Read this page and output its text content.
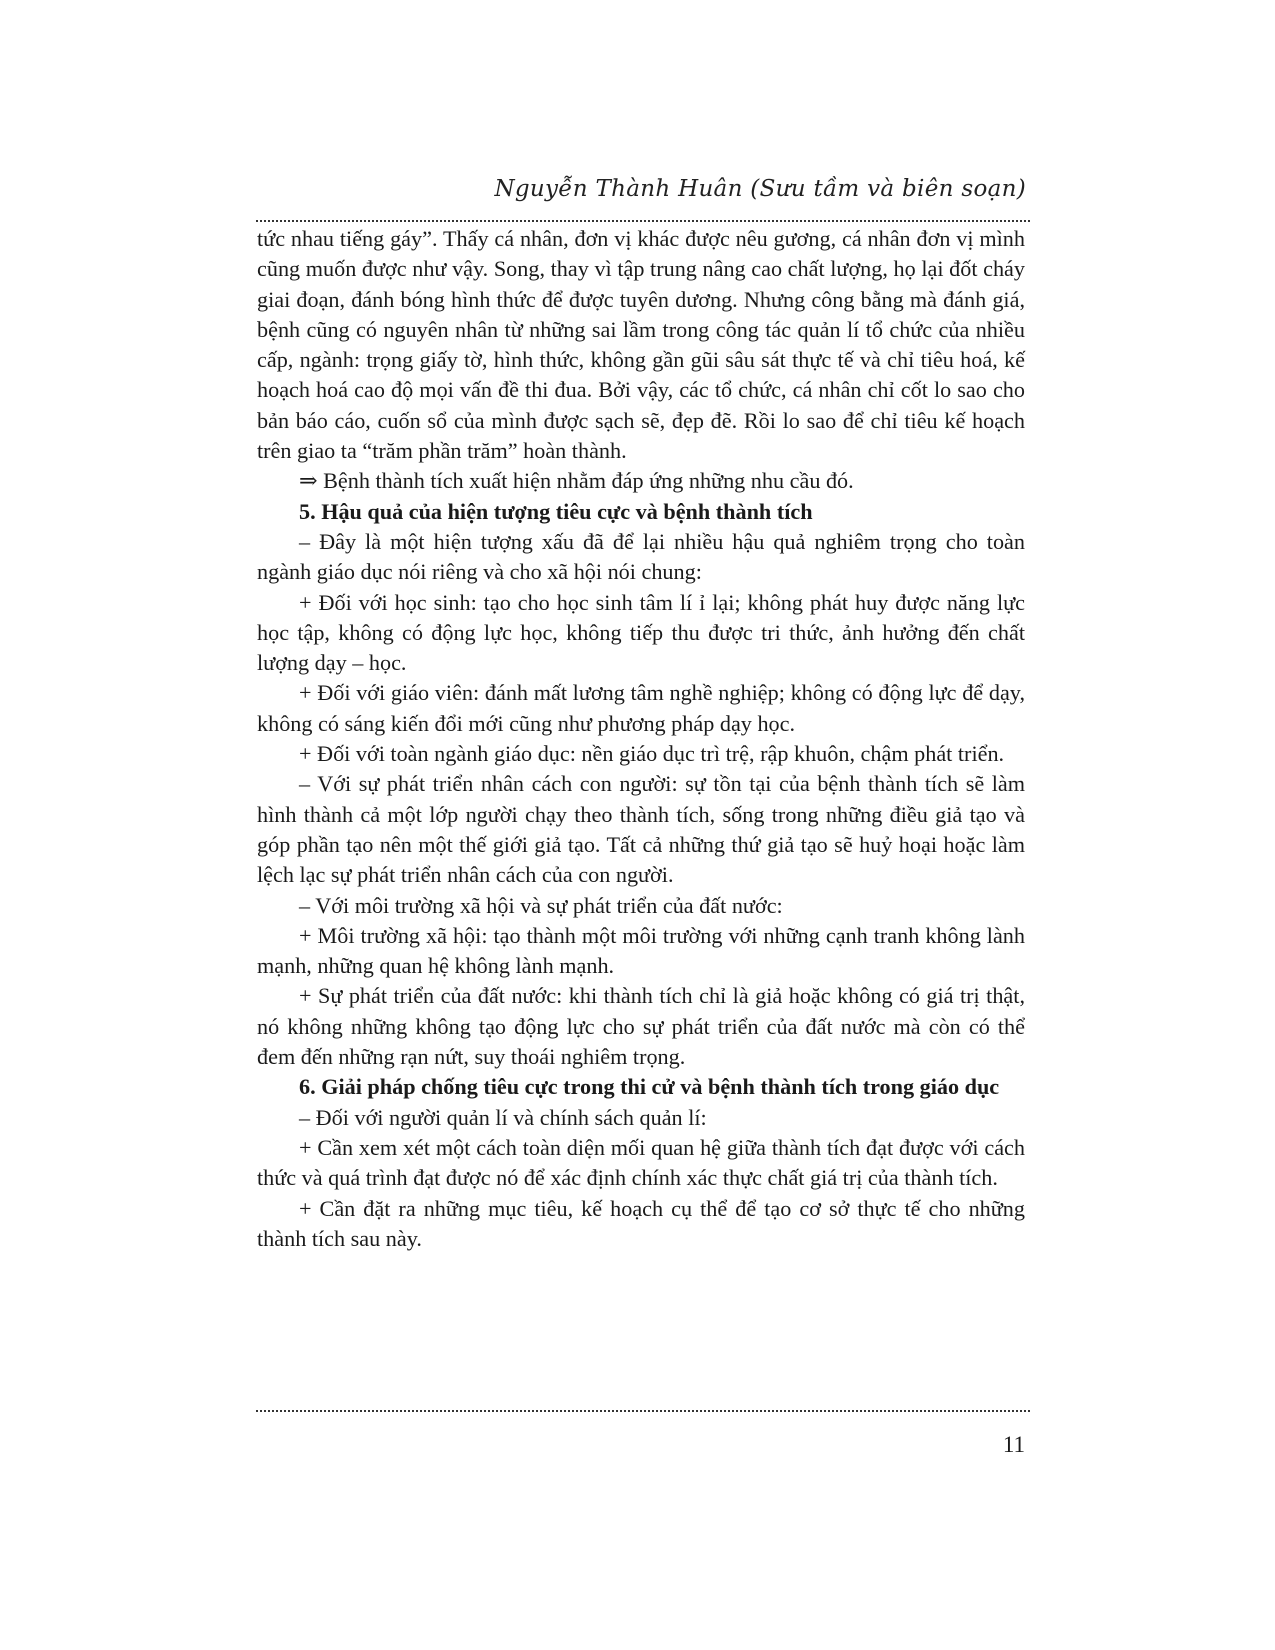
Nguyễn Thành Huân (Sưu tầm và biên soạn)

tức nhau tiếng gáy”. Thấy cá nhân, đơn vị khác được nêu gương, cá nhân đơn vị mình cũng muốn được như vậy. Song, thay vì tập trung nâng cao chất lượng, họ lại đốt cháy giai đoạn, đánh bóng hình thức để được tuyên dương. Nhưng công bằng mà đánh giá, bệnh cũng có nguyên nhân từ những sai lầm trong công tác quản lí tổ chức của nhiều cấp, ngành: trọng giấy tờ, hình thức, không gần gũi sâu sát thực tế và chỉ tiêu hoá, kế hoạch hoá cao độ mọi vấn đề thi đua. Bởi vậy, các tổ chức, cá nhân chỉ cốt lo sao cho bản báo cáo, cuốn sổ của mình được sạch sẽ, đẹp đẽ. Rồi lo sao để chỉ tiêu kế hoạch trên giao ta “trăm phần trăm” hoàn thành.

⇒ Bệnh thành tích xuất hiện nhằm đáp ứng những nhu cầu đó.

5. Hậu quả của hiện tượng tiêu cực và bệnh thành tích

– Đây là một hiện tượng xấu đã để lại nhiều hậu quả nghiêm trọng cho toàn ngành giáo dục nói riêng và cho xã hội nói chung:

+ Đối với học sinh: tạo cho học sinh tâm lí ỉ lại; không phát huy được năng lực học tập, không có động lực học, không tiếp thu được tri thức, ảnh hưởng đến chất lượng dạy – học.

+ Đối với giáo viên: đánh mất lương tâm nghề nghiệp; không có động lực để dạy, không có sáng kiến đổi mới cũng như phương pháp dạy học.

+ Đối với toàn ngành giáo dục: nền giáo dục trì trệ, rập khuôn, chậm phát triển.

– Với sự phát triển nhân cách con người: sự tồn tại của bệnh thành tích sẽ làm hình thành cả một lớp người chạy theo thành tích, sống trong những điều giả tạo và góp phần tạo nên một thế giới giả tạo. Tất cả những thứ giả tạo sẽ huỷ hoại hoặc làm lệch lạc sự phát triển nhân cách của con người.

– Với môi trường xã hội và sự phát triển của đất nước:

+ Môi trường xã hội: tạo thành một môi trường với những cạnh tranh không lành mạnh, những quan hệ không lành mạnh.

+ Sự phát triển của đất nước: khi thành tích chỉ là giả hoặc không có giá trị thật, nó không những không tạo động lực cho sự phát triển của đất nước mà còn có thể đem đến những rạn nứt, suy thoái nghiêm trọng.

6. Giải pháp chống tiêu cực trong thi cử và bệnh thành tích trong giáo dục

– Đối với người quản lí và chính sách quản lí:

+ Cần xem xét một cách toàn diện mối quan hệ giữa thành tích đạt được với cách thức và quá trình đạt được nó để xác định chính xác thực chất giá trị của thành tích.

+ Cần đặt ra những mục tiêu, kế hoạch cụ thể để tạo cơ sở thực tế cho những thành tích sau này.

11
